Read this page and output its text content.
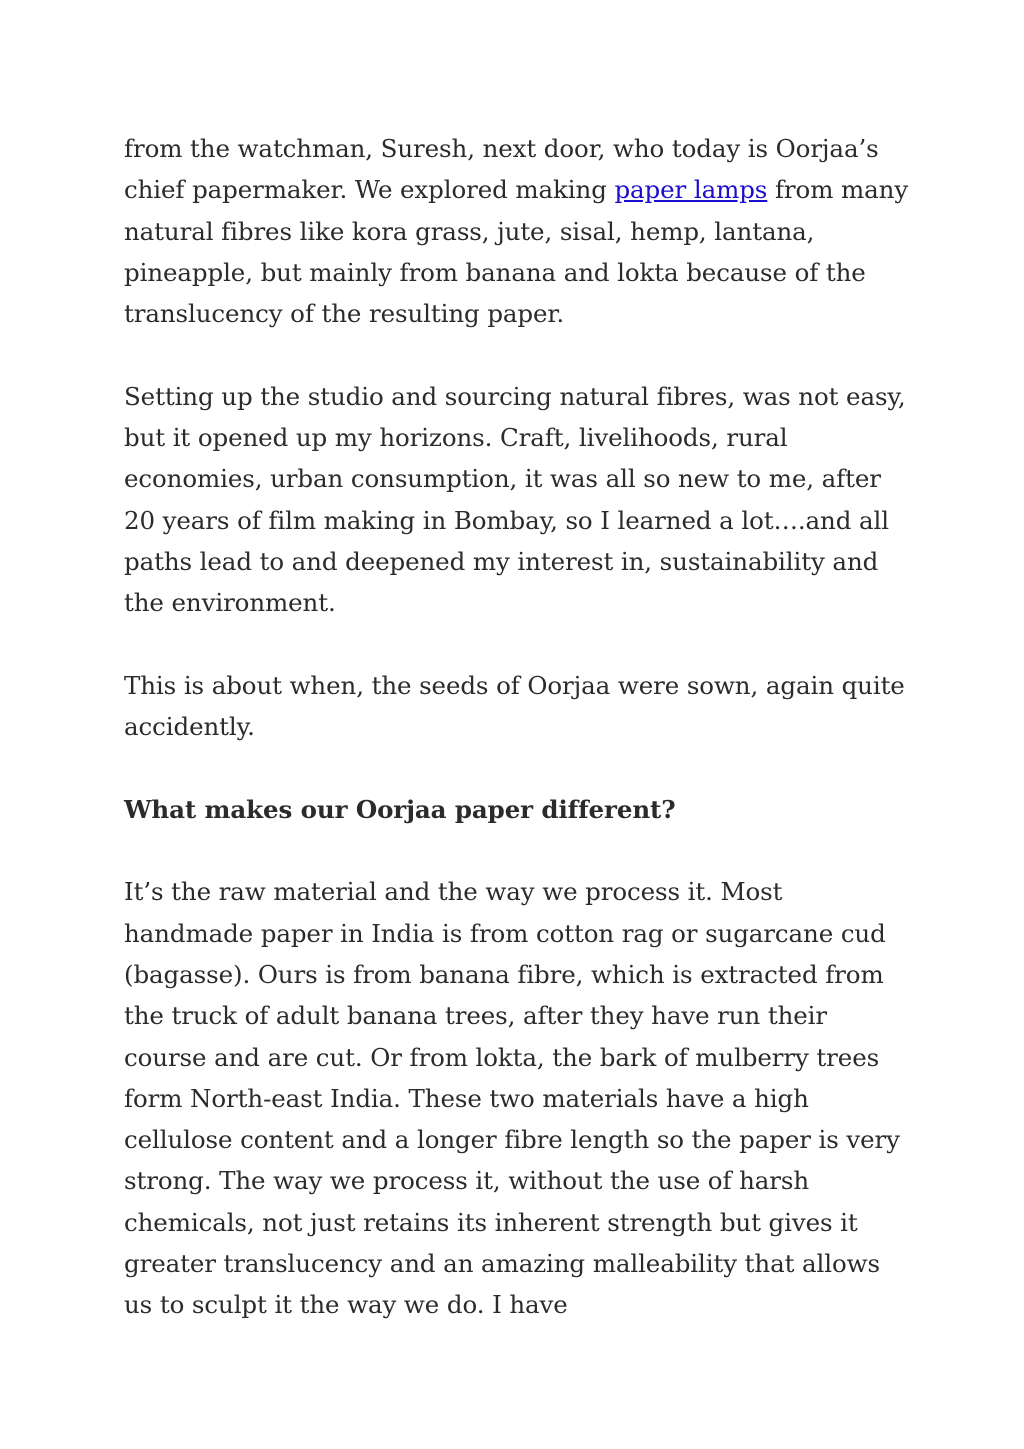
from the watchman, Suresh, next door, who today is Oorjaa’s chief papermaker. We explored making paper lamps from many natural fibres like kora grass, jute, sisal, hemp, lantana, pineapple, but mainly from banana and lokta because of the translucency of the resulting paper.

Setting up the studio and sourcing natural fibres, was not easy, but it opened up my horizons. Craft, livelihoods, rural economies, urban consumption, it was all so new to me, after 20 years of film making in Bombay, so I learned a lot….and all paths lead to and deepened my interest in, sustainability and the environment.

This is about when, the seeds of Oorjaa were sown, again quite accidently.

What makes our Oorjaa paper different?

It’s the raw material and the way we process it. Most handmade paper in India is from cotton rag or sugarcane cud (bagasse). Ours is from banana fibre, which is extracted from the truck of adult banana trees, after they have run their course and are cut. Or from lokta, the bark of mulberry trees form North-east India. These two materials have a high cellulose content and a longer fibre length so the paper is very strong. The way we process it, without the use of harsh chemicals, not just retains its inherent strength but gives it greater translucency and an amazing malleability that allows us to sculpt it the way we do. I have
